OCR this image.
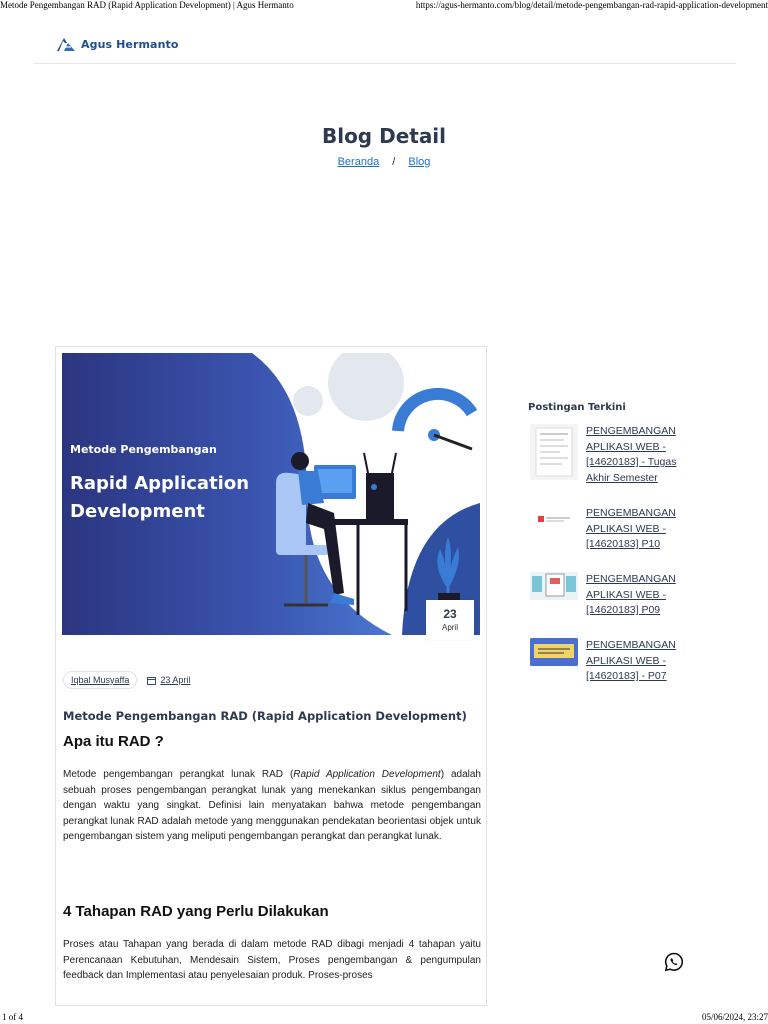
Metode Pengembangan RAD (Rapid Application Development) | Agus Hermanto	https://agus-hermanto.com/blog/detail/metode-pengembangan-rad-rapid-application-development
Agus Hermanto
Blog Detail
Beranda / Blog
Metode Pengembangan
Rapid Application
Development
23
April
Iqbal Musyaffa	23 April
Metode Pengembangan RAD (Rapid Application Development)
Apa itu RAD ?

Metode pengembangan perangkat lunak RAD (Rapid Application Development) adalah sebuah proses pengembangan perangkat lunak yang menekankan siklus pengembangan dengan waktu yang singkat. Definisi lain menyatakan bahwa metode pengembangan perangkat lunak RAD adalah metode yang menggunakan pendekatan beorientasi objek untuk pengembangan sistem yang meliputi pengembangan perangkat dan perangkat lunak.

4 Tahapan RAD yang Perlu Dilakukan

Proses atau Tahapan yang berada di dalam metode RAD dibagi menjadi 4 tahapan yaitu Perencanaan Kebutuhan, Mendesain Sistem, Proses pengembangan & pengumpulan feedback dan Implementasi atau penyelesaian produk. Proses-proses

Postingan Terkini
PENGEMBANGAN APLIKASI WEB - [14620183] - Tugas Akhir Semester
PENGEMBANGAN APLIKASI WEB - [14620183] P10
PENGEMBANGAN APLIKASI WEB - [14620183] P09
PENGEMBANGAN APLIKASI WEB - [14620183] - P07
1 of 4	05/06/2024, 23:27
